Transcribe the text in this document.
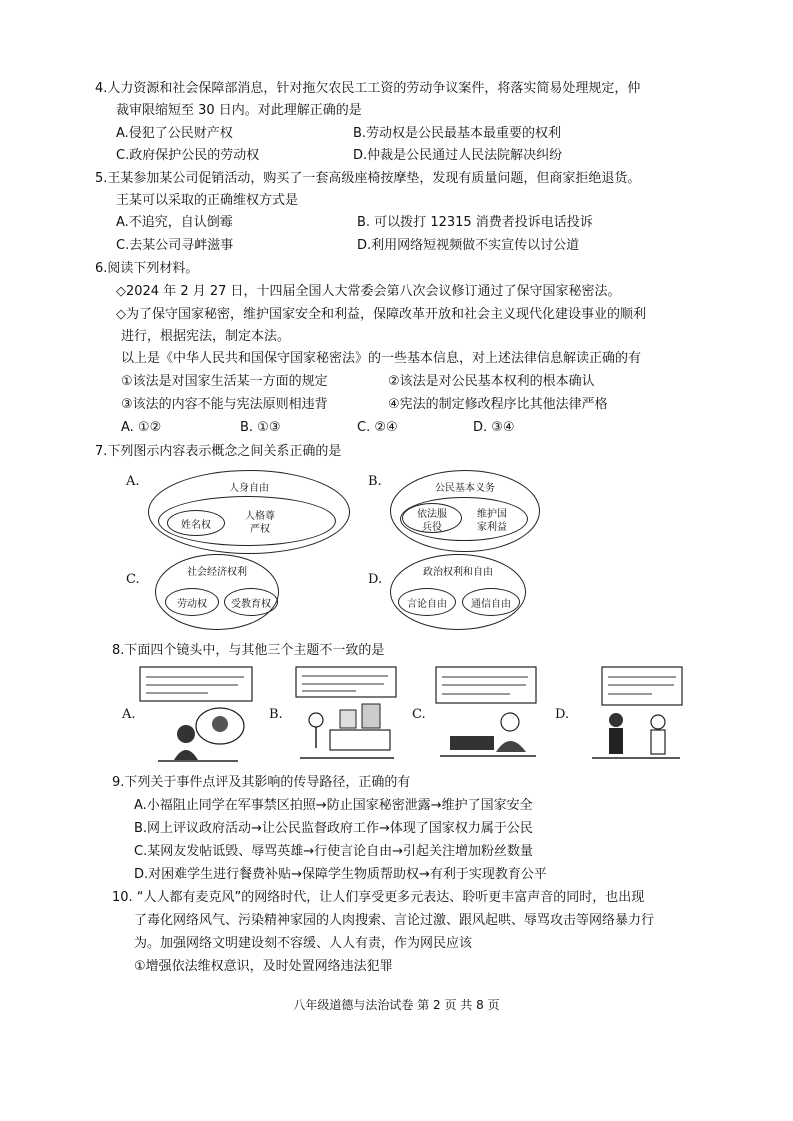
4.人力资源和社会保障部消息，针对拖欠农民工工资的劳动争议案件，将落实简易处理规定，仲
裁审限缩短至 30 日内。对此理解正确的是
A.侵犯了公民财产权	B.劳动权是公民最基本最重要的权利
C.政府保护公民的劳动权	D.仲裁是公民通过人民法院解决纠纷
5.王某参加某公司促销活动，购买了一套高级座椅按摩垫，发现有质量问题，但商家拒绝退货。
王某可以采取的正确维权方式是
A.不追究，自认倒霉	B. 可以拨打 12315 消费者投诉电话投诉
C.去某公司寻衅滋事	D.利用网络短视频做不实宣传以讨公道
6.阅读下列材料。
◇2024 年 2 月 27 日，十四届全国人大常委会第八次会议修订通过了保守国家秘密法。
◇为了保守国家秘密，维护国家安全和利益，保障改革开放和社会主义现代化建设事业的顺利
进行，根据宪法，制定本法。
以上是《中华人民共和国保守国家秘密法》的一些基本信息，对上述法律信息解读正确的有
①该法是对国家生活某一方面的规定	②该法是对公民基本权利的根本确认
③该法的内容不能与宪法原则相违背	④宪法的制定修改程序比其他法律严格
A. ①②	B. ①③	C. ②④	D. ③④
7.下列图示内容表示概念之间关系正确的是
A.	人身自由
姓名权
人格尊
严权
B.	公民基本义务
依法服
兵役
维护国
家利益
C.	社会经济权利
劳动权	受教育权
D.	政治权利和自由
言论自由	通信自由
8.下面四个镜头中，与其他三个主题不一致的是
A.	B.	C.	D.
9.下列关于事件点评及其影响的传导路径，正确的有
A.小福阻止同学在军事禁区拍照→防止国家秘密泄露→维护了国家安全
B.网上评议政府活动→让公民监督政府工作→体现了国家权力属于公民
C.某网友发帖诋毁、辱骂英雄→行使言论自由→引起关注增加粉丝数量
D.对困难学生进行餐费补贴→保障学生物质帮助权→有利于实现教育公平
10. “人人都有麦克风”的网络时代，让人们享受更多元表达、聆听更丰富声音的同时，也出现
了毒化网络风气、污染精神家园的人肉搜索、言论过激、跟风起哄、辱骂攻击等网络暴力行
为。加强网络文明建设刻不容缓、人人有责，作为网民应该
①增强依法维权意识，及时处置网络违法犯罪
八年级道德与法治试卷 第 2 页 共 8 页
